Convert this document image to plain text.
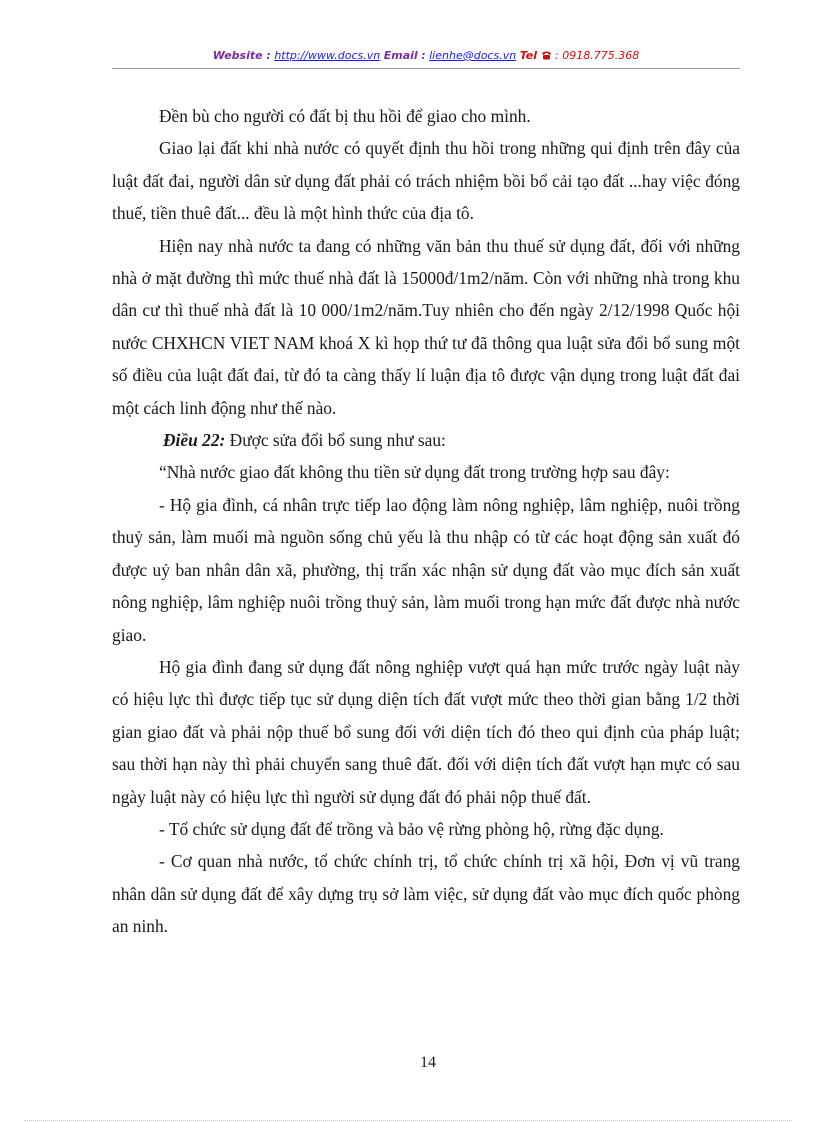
Website : http://www.docs.vn Email : lienhe@docs.vn Tel : 0918.775.368

Đền bù cho người có đất bị thu hồi để giao cho mình.

Giao lại đất khi nhà nước có quyết định thu hồi trong những qui định trên đây của luật đất đai, người dân sử dụng đất phải có trách nhiệm bồi bổ cải tạo đất ...hay việc đóng thuế, tiền thuê đất... đều là một hình thức của địa tô.

Hiện nay nhà nước ta đang có những văn bản thu thuế sử dụng đất, đối với những nhà ở mặt đường thì mức thuế nhà đất là 15000đ/1m2/năm. Còn với những nhà trong khu dân cư thì thuế nhà đất là 10 000/1m2/năm.Tuy nhiên cho đến ngày 2/12/1998 Quốc hội nước CHXHCN VIET NAM khoá X kì họp thứ tư đã thông qua luật sửa đổi bổ sung một số điều của luật đất đai, từ đó ta càng thấy lí luận địa tô được vận dụng trong luật đất đai một cách linh động như thế nào.

Điều 22: Được sửa đổi bổ sung như sau:

“Nhà nước giao đất không thu tiền sử dụng đất trong trường hợp sau đây:

- Hộ gia đình, cá nhân trực tiếp lao động làm nông nghiệp, lâm nghiệp, nuôi trồng thuỷ sản, làm muối mà nguồn sống chủ yếu là thu nhập có từ các hoạt động sản xuất đó được uỷ ban nhân dân xã, phường, thị trấn xác nhận sử dụng đất vào mục đích sản xuất nông nghiệp, lâm nghiệp nuôi trồng thuỷ sản, làm muối trong hạn mức đất được nhà nước giao.

Hộ gia đình đang sử dụng đất nông nghiệp vượt quá hạn mức trước ngày luật này có hiệu lực thì được tiếp tục sử dụng diện tích đất vượt mức theo thời gian bằng 1/2 thời gian giao đất và phải nộp thuế bổ sung đối với diện tích đó theo qui định của pháp luật; sau thời hạn này thì phải chuyển sang thuê đất. đối với diện tích đất vượt hạn mực có sau ngày luật này có hiệu lực thì người sử dụng đất đó phải nộp thuế đất.

- Tổ chức sử dụng đất để trồng và bảo vệ rừng phòng hộ, rừng đặc dụng.

- Cơ quan nhà nước, tổ chức chính trị, tổ chức chính trị xã hội, Đơn vị vũ trang nhân dân sử dụng đất để xây dựng trụ sở làm việc, sử dụng đất vào mục đích quốc phòng an ninh.

14
